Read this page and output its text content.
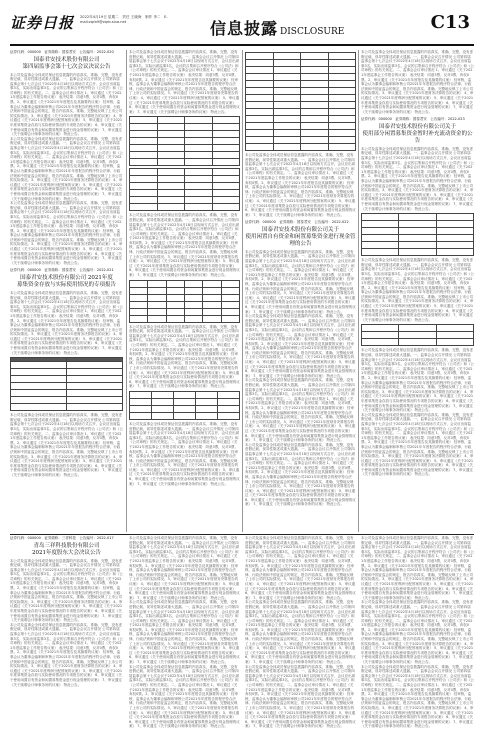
证券日报 2022年4月19日 星期二　责任 王晓海　制作 李二　E-mail:zqrb9@zqrb.sina.net	信息披露 DISCLOSURE	C13
证券代码：000000　证券简称：国泰君安　公告编号：2022-020
国泰君安技术股份有限公司
第四届监事会第十七次会议决议公告
本公司及监事会全体成员保证信息披露的内容真实、准确、完整，没有虚假记载、误导性陈述或重大遗漏。一、监事会会议召开情况 公司第四届监事会第十七次会议于2022年4月18日以现场方式召开，会议应出席监事3名，实际出席监事3名，会议的召集和召开程序符合《公司法》和《公司章程》的有关规定。二、监事会会议审议情况 1、审议通过《关于2021年度监事会工作报告的议案》 表决结果：同意3票，反对0票，弃权0票。2、审议通过《关于2021年年度报告及其摘要的议案》 经审核，监事会认为董事会编制和审核公司2021年年度报告的程序符合法律、行政法规和中国证监会的规定，报告内容真实、准确、完整地反映了上市公司的实际情况。3、审议通过《关于2021年度财务决算报告的议案》 4、审议通过《关于2021年度利润分配预案的议案》 5、审议通过《关于2021年度募集资金存放与实际使用情况的专项报告的议案》 6、审议通过《关于使用闲置自有资金和闲置募集资金进行现金管理的议案》 7、审议通过《关于续聘会计师事务所的议案》 特此公告。
本公司及监事会全体成员保证信息披露的内容真实、准确、完整，没有虚假记载、误导性陈述或重大遗漏。一、监事会会议召开情况 公司第四届监事会第十七次会议于2022年4月18日以现场方式召开，会议应出席监事3名，实际出席监事3名，会议的召集和召开程序符合《公司法》和《公司章程》的有关规定。二、监事会会议审议情况 1、审议通过《关于2021年度监事会工作报告的议案》 表决结果：同意3票，反对0票，弃权0票。2、审议通过《关于2021年年度报告及其摘要的议案》 经审核，监事会认为董事会编制和审核公司2021年年度报告的程序符合法律、行政法规和中国证监会的规定，报告内容真实、准确、完整地反映了上市公司的实际情况。3、审议通过《关于2021年度财务决算报告的议案》 4、审议通过《关于2021年度利润分配预案的议案》 5、审议通过《关于2021年度募集资金存放与实际使用情况的专项报告的议案》 6、审议通过《关于使用闲置自有资金和闲置募集资金进行现金管理的议案》 7、审议通过《关于续聘会计师事务所的议案》 特此公告。
本公司及监事会全体成员保证信息披露的内容真实、准确、完整，没有虚假记载、误导性陈述或重大遗漏。一、监事会会议召开情况 公司第四届监事会第十七次会议于2022年4月18日以现场方式召开，会议应出席监事3名，实际出席监事3名，会议的召集和召开程序符合《公司法》和《公司章程》的有关规定。二、监事会会议审议情况 1、审议通过《关于2021年度监事会工作报告的议案》 表决结果：同意3票，反对0票，弃权0票。2、审议通过《关于2021年年度报告及其摘要的议案》 经审核，监事会认为董事会编制和审核公司2021年年度报告的程序符合法律、行政法规和中国证监会的规定，报告内容真实、准确、完整地反映了上市公司的实际情况。3、审议通过《关于2021年度财务决算报告的议案》 4、审议通过《关于2021年度利润分配预案的议案》 5、审议通过《关于2021年度募集资金存放与实际使用情况的专项报告的议案》 6、审议通过《关于使用闲置自有资金和闲置募集资金进行现金管理的议案》 7、审议通过《关于续聘会计师事务所的议案》 特此公告。
证券代码：000000　证券简称：国泰君安　公告编号：2022-021
国泰君安技术股份有限公司 2021年度
募集资金存放与实际使用情况的专项报告
本公司及监事会全体成员保证信息披露的内容真实、准确、完整，没有虚假记载、误导性陈述或重大遗漏。一、监事会会议召开情况 公司第四届监事会第十七次会议于2022年4月18日以现场方式召开，会议应出席监事3名，实际出席监事3名，会议的召集和召开程序符合《公司法》和《公司章程》的有关规定。二、监事会会议审议情况 1、审议通过《关于2021年度监事会工作报告的议案》 表决结果：同意3票，反对0票，弃权0票。2、审议通过《关于2021年年度报告及其摘要的议案》 经审核，监事会认为董事会编制和审核公司2021年年度报告的程序符合法律、行政法规和中国证监会的规定，报告内容真实、准确、完整地反映了上市公司的实际情况。3、审议通过《关于2021年度财务决算报告的议案》 4、审议通过《关于2021年度利润分配预案的议案》 5、审议通过《关于2021年度募集资金存放与实际使用情况的专项报告的议案》 6、审议通过《关于使用闲置自有资金和闲置募集资金进行现金管理的议案》 7、审议通过《关于续聘会计师事务所的议案》 特此公告。

本公司及监事会全体成员保证信息披露的内容真实、准确、完整，没有虚假记载、误导性陈述或重大遗漏。一、监事会会议召开情况 公司第四届监事会第十七次会议于2022年4月18日以现场方式召开，会议应出席监事3名，实际出席监事3名，会议的召集和召开程序符合《公司法》和《公司章程》的有关规定。二、监事会会议审议情况 1、审议通过《关于2021年度监事会工作报告的议案》 表决结果：同意3票，反对0票，弃权0票。2、审议通过《关于2021年年度报告及其摘要的议案》 经审核，监事会认为董事会编制和审核公司2021年年度报告的程序符合法律、行政法规和中国证监会的规定，报告内容真实、准确、完整地反映了上市公司的实际情况。3、审议通过《关于2021年度财务决算报告的议案》 4、审议通过《关于2021年度利润分配预案的议案》 5、审议通过《关于2021年度募集资金存放与实际使用情况的专项报告的议案》 6、审议通过《关于使用闲置自有资金和闲置募集资金进行现金管理的议案》 7、审议通过《关于续聘会计师事务所的议案》 特此公告。
本公司及监事会全体成员保证信息披露的内容真实、准确、完整，没有虚假记载、误导性陈述或重大遗漏。一、监事会会议召开情况 公司第四届监事会第十七次会议于2022年4月18日以现场方式召开，会议应出席监事3名，实际出席监事3名，会议的召集和召开程序符合《公司法》和《公司章程》的有关规定。二、监事会会议审议情况 1、审议通过《关于2021年度监事会工作报告的议案》 表决结果：同意3票，反对0票，弃权0票。2、审议通过《关于2021年年度报告及其摘要的议案》 经审核，监事会认为董事会编制和审核公司2021年年度报告的程序符合法律、行政法规和中国证监会的规定，报告内容真实、准确、完整地反映了上市公司的实际情况。3、审议通过《关于2021年度财务决算报告的议案》 4、审议通过《关于2021年度利润分配预案的议案》 5、审议通过《关于2021年度募集资金存放与实际使用情况的专项报告的议案》 6、审议通过《关于使用闲置自有资金和闲置募集资金进行现金管理的议案》 7、审议通过《关于续聘会计师事务所的议案》 特此公告。

本公司及监事会全体成员保证信息披露的内容真实、准确、完整，没有虚假记载、误导性陈述或重大遗漏。一、监事会会议召开情况 公司第四届监事会第十七次会议于2022年4月18日以现场方式召开，会议应出席监事3名，实际出席监事3名，会议的召集和召开程序符合《公司法》和《公司章程》的有关规定。二、监事会会议审议情况 1、审议通过《关于2021年度监事会工作报告的议案》 表决结果：同意3票，反对0票，弃权0票。2、审议通过《关于2021年年度报告及其摘要的议案》 经审核，监事会认为董事会编制和审核公司2021年年度报告的程序符合法律、行政法规和中国证监会的规定，报告内容真实、准确、完整地反映了上市公司的实际情况。3、审议通过《关于2021年度财务决算报告的议案》 4、审议通过《关于2021年度利润分配预案的议案》 5、审议通过《关于2021年度募集资金存放与实际使用情况的专项报告的议案》 6、审议通过《关于使用闲置自有资金和闲置募集资金进行现金管理的议案》 7、审议通过《关于续聘会计师事务所的议案》 特此公告。

本公司及监事会全体成员保证信息披露的内容真实、准确、完整，没有虚假记载、误导性陈述或重大遗漏。一、监事会会议召开情况 公司第四届监事会第十七次会议于2022年4月18日以现场方式召开，会议应出席监事3名，实际出席监事3名，会议的召集和召开程序符合《公司法》和《公司章程》的有关规定。二、监事会会议审议情况 1、审议通过《关于2021年度监事会工作报告的议案》 表决结果：同意3票，反对0票，弃权0票。2、审议通过《关于2021年年度报告及其摘要的议案》 经审核，监事会认为董事会编制和审核公司2021年年度报告的程序符合法律、行政法规和中国证监会的规定，报告内容真实、准确、完整地反映了上市公司的实际情况。3、审议通过《关于2021年度财务决算报告的议案》 4、审议通过《关于2021年度利润分配预案的议案》 5、审议通过《关于2021年度募集资金存放与实际使用情况的专项报告的议案》 6、审议通过《关于使用闲置自有资金和闲置募集资金进行现金管理的议案》 7、审议通过《关于续聘会计师事务所的议案》 特此公告。

本公司及监事会全体成员保证信息披露的内容真实、准确、完整，没有虚假记载、误导性陈述或重大遗漏。一、监事会会议召开情况 公司第四届监事会第十七次会议于2022年4月18日以现场方式召开，会议应出席监事3名，实际出席监事3名，会议的召集和召开程序符合《公司法》和《公司章程》的有关规定。二、监事会会议审议情况 1、审议通过《关于2021年度监事会工作报告的议案》 表决结果：同意3票，反对0票，弃权0票。2、审议通过《关于2021年年度报告及其摘要的议案》 经审核，监事会认为董事会编制和审核公司2021年年度报告的程序符合法律、行政法规和中国证监会的规定，报告内容真实、准确、完整地反映了上市公司的实际情况。3、审议通过《关于2021年度财务决算报告的议案》 4、审议通过《关于2021年度利润分配预案的议案》 5、审议通过《关于2021年度募集资金存放与实际使用情况的专项报告的议案》 6、审议通过《关于使用闲置自有资金和闲置募集资金进行现金管理的议案》 7、审议通过《关于续聘会计师事务所的议案》 特此公告。

本公司及监事会全体成员保证信息披露的内容真实、准确、完整，没有虚假记载、误导性陈述或重大遗漏。一、监事会会议召开情况 公司第四届监事会第十七次会议于2022年4月18日以现场方式召开，会议应出席监事3名，实际出席监事3名，会议的召集和召开程序符合《公司法》和《公司章程》的有关规定。二、监事会会议审议情况 1、审议通过《关于2021年度监事会工作报告的议案》 表决结果：同意3票，反对0票，弃权0票。2、审议通过《关于2021年年度报告及其摘要的议案》 经审核，监事会认为董事会编制和审核公司2021年年度报告的程序符合法律、行政法规和中国证监会的规定，报告内容真实、准确、完整地反映了上市公司的实际情况。3、审议通过《关于2021年度财务决算报告的议案》 4、审议通过《关于2021年度利润分配预案的议案》 5、审议通过《关于2021年度募集资金存放与实际使用情况的专项报告的议案》 6、审议通过《关于使用闲置自有资金和闲置募集资金进行现金管理的议案》 7、审议通过《关于续聘会计师事务所的议案》 特此公告。
证券代码：000000　证券简称：国泰君安　公告编号：2022-022
国泰君安技术股份有限公司关于
使用闲置自有资金和闲置募集资金进行现金管理的公告
本公司及监事会全体成员保证信息披露的内容真实、准确、完整，没有虚假记载、误导性陈述或重大遗漏。一、监事会会议召开情况 公司第四届监事会第十七次会议于2022年4月18日以现场方式召开，会议应出席监事3名，实际出席监事3名，会议的召集和召开程序符合《公司法》和《公司章程》的有关规定。二、监事会会议审议情况 1、审议通过《关于2021年度监事会工作报告的议案》 表决结果：同意3票，反对0票，弃权0票。2、审议通过《关于2021年年度报告及其摘要的议案》 经审核，监事会认为董事会编制和审核公司2021年年度报告的程序符合法律、行政法规和中国证监会的规定，报告内容真实、准确、完整地反映了上市公司的实际情况。3、审议通过《关于2021年度财务决算报告的议案》 4、审议通过《关于2021年度利润分配预案的议案》 5、审议通过《关于2021年度募集资金存放与实际使用情况的专项报告的议案》 6、审议通过《关于使用闲置自有资金和闲置募集资金进行现金管理的议案》 7、审议通过《关于续聘会计师事务所的议案》 特此公告。
本公司及监事会全体成员保证信息披露的内容真实、准确、完整，没有虚假记载、误导性陈述或重大遗漏。一、监事会会议召开情况 公司第四届监事会第十七次会议于2022年4月18日以现场方式召开，会议应出席监事3名，实际出席监事3名，会议的召集和召开程序符合《公司法》和《公司章程》的有关规定。二、监事会会议审议情况 1、审议通过《关于2021年度监事会工作报告的议案》 表决结果：同意3票，反对0票，弃权0票。2、审议通过《关于2021年年度报告及其摘要的议案》 经审核，监事会认为董事会编制和审核公司2021年年度报告的程序符合法律、行政法规和中国证监会的规定，报告内容真实、准确、完整地反映了上市公司的实际情况。3、审议通过《关于2021年度财务决算报告的议案》 4、审议通过《关于2021年度利润分配预案的议案》 5、审议通过《关于2021年度募集资金存放与实际使用情况的专项报告的议案》 6、审议通过《关于使用闲置自有资金和闲置募集资金进行现金管理的议案》 7、审议通过《关于续聘会计师事务所的议案》 特此公告。
本公司及监事会全体成员保证信息披露的内容真实、准确、完整，没有虚假记载、误导性陈述或重大遗漏。一、监事会会议召开情况 公司第四届监事会第十七次会议于2022年4月18日以现场方式召开，会议应出席监事3名，实际出席监事3名，会议的召集和召开程序符合《公司法》和《公司章程》的有关规定。二、监事会会议审议情况 1、审议通过《关于2021年度监事会工作报告的议案》 表决结果：同意3票，反对0票，弃权0票。2、审议通过《关于2021年年度报告及其摘要的议案》 经审核，监事会认为董事会编制和审核公司2021年年度报告的程序符合法律、行政法规和中国证监会的规定，报告内容真实、准确、完整地反映了上市公司的实际情况。3、审议通过《关于2021年度财务决算报告的议案》 4、审议通过《关于2021年度利润分配预案的议案》 5、审议通过《关于2021年度募集资金存放与实际使用情况的专项报告的议案》 6、审议通过《关于使用闲置自有资金和闲置募集资金进行现金管理的议案》 7、审议通过《关于续聘会计师事务所的议案》 特此公告。
本公司及监事会全体成员保证信息披露的内容真实、准确、完整，没有虚假记载、误导性陈述或重大遗漏。一、监事会会议召开情况 公司第四届监事会第十七次会议于2022年4月18日以现场方式召开，会议应出席监事3名，实际出席监事3名，会议的召集和召开程序符合《公司法》和《公司章程》的有关规定。二、监事会会议审议情况 1、审议通过《关于2021年度监事会工作报告的议案》 表决结果：同意3票，反对0票，弃权0票。2、审议通过《关于2021年年度报告及其摘要的议案》 经审核，监事会认为董事会编制和审核公司2021年年度报告的程序符合法律、行政法规和中国证监会的规定，报告内容真实、准确、完整地反映了上市公司的实际情况。3、审议通过《关于2021年度财务决算报告的议案》 4、审议通过《关于2021年度利润分配预案的议案》 5、审议通过《关于2021年度募集资金存放与实际使用情况的专项报告的议案》 6、审议通过《关于使用闲置自有资金和闲置募集资金进行现金管理的议案》 7、审议通过《关于续聘会计师事务所的议案》 特此公告。
本公司及监事会全体成员保证信息披露的内容真实、准确、完整，没有虚假记载、误导性陈述或重大遗漏。一、监事会会议召开情况 公司第四届监事会第十七次会议于2022年4月18日以现场方式召开，会议应出席监事3名，实际出席监事3名，会议的召集和召开程序符合《公司法》和《公司章程》的有关规定。二、监事会会议审议情况 1、审议通过《关于2021年度监事会工作报告的议案》 表决结果：同意3票，反对0票，弃权0票。2、审议通过《关于2021年年度报告及其摘要的议案》 经审核，监事会认为董事会编制和审核公司2021年年度报告的程序符合法律、行政法规和中国证监会的规定，报告内容真实、准确、完整地反映了上市公司的实际情况。3、审议通过《关于2021年度财务决算报告的议案》 4、审议通过《关于2021年度利润分配预案的议案》 5、审议通过《关于2021年度募集资金存放与实际使用情况的专项报告的议案》 6、审议通过《关于使用闲置自有资金和闲置募集资金进行现金管理的议案》 7、审议通过《关于续聘会计师事务所的议案》 特此公告。
证券代码：000000　证券简称：国泰君安　公告编号：2022-023
国泰君安技术股份有限公司关于
使用部分闲置募集资金暂时补充流动资金的公告
本公司及监事会全体成员保证信息披露的内容真实、准确、完整，没有虚假记载、误导性陈述或重大遗漏。一、监事会会议召开情况 公司第四届监事会第十七次会议于2022年4月18日以现场方式召开，会议应出席监事3名，实际出席监事3名，会议的召集和召开程序符合《公司法》和《公司章程》的有关规定。二、监事会会议审议情况 1、审议通过《关于2021年度监事会工作报告的议案》 表决结果：同意3票，反对0票，弃权0票。2、审议通过《关于2021年年度报告及其摘要的议案》 经审核，监事会认为董事会编制和审核公司2021年年度报告的程序符合法律、行政法规和中国证监会的规定，报告内容真实、准确、完整地反映了上市公司的实际情况。3、审议通过《关于2021年度财务决算报告的议案》 4、审议通过《关于2021年度利润分配预案的议案》 5、审议通过《关于2021年度募集资金存放与实际使用情况的专项报告的议案》 6、审议通过《关于使用闲置自有资金和闲置募集资金进行现金管理的议案》 7、审议通过《关于续聘会计师事务所的议案》 特此公告。

本公司及监事会全体成员保证信息披露的内容真实、准确、完整，没有虚假记载、误导性陈述或重大遗漏。一、监事会会议召开情况 公司第四届监事会第十七次会议于2022年4月18日以现场方式召开，会议应出席监事3名，实际出席监事3名，会议的召集和召开程序符合《公司法》和《公司章程》的有关规定。二、监事会会议审议情况 1、审议通过《关于2021年度监事会工作报告的议案》 表决结果：同意3票，反对0票，弃权0票。2、审议通过《关于2021年年度报告及其摘要的议案》 经审核，监事会认为董事会编制和审核公司2021年年度报告的程序符合法律、行政法规和中国证监会的规定，报告内容真实、准确、完整地反映了上市公司的实际情况。3、审议通过《关于2021年度财务决算报告的议案》 4、审议通过《关于2021年度利润分配预案的议案》 5、审议通过《关于2021年度募集资金存放与实际使用情况的专项报告的议案》 6、审议通过《关于使用闲置自有资金和闲置募集资金进行现金管理的议案》 7、审议通过《关于续聘会计师事务所的议案》 特此公告。

本公司及监事会全体成员保证信息披露的内容真实、准确、完整，没有虚假记载、误导性陈述或重大遗漏。一、监事会会议召开情况 公司第四届监事会第十七次会议于2022年4月18日以现场方式召开，会议应出席监事3名，实际出席监事3名，会议的召集和召开程序符合《公司法》和《公司章程》的有关规定。二、监事会会议审议情况 1、审议通过《关于2021年度监事会工作报告的议案》 表决结果：同意3票，反对0票，弃权0票。2、审议通过《关于2021年年度报告及其摘要的议案》 经审核，监事会认为董事会编制和审核公司2021年年度报告的程序符合法律、行政法规和中国证监会的规定，报告内容真实、准确、完整地反映了上市公司的实际情况。3、审议通过《关于2021年度财务决算报告的议案》 4、审议通过《关于2021年度利润分配预案的议案》 5、审议通过《关于2021年度募集资金存放与实际使用情况的专项报告的议案》 6、审议通过《关于使用闲置自有资金和闲置募集资金进行现金管理的议案》 7、审议通过《关于续聘会计师事务所的议案》 特此公告。
本公司及监事会全体成员保证信息披露的内容真实、准确、完整，没有虚假记载、误导性陈述或重大遗漏。一、监事会会议召开情况 公司第四届监事会第十七次会议于2022年4月18日以现场方式召开，会议应出席监事3名，实际出席监事3名，会议的召集和召开程序符合《公司法》和《公司章程》的有关规定。二、监事会会议审议情况 1、审议通过《关于2021年度监事会工作报告的议案》 表决结果：同意3票，反对0票，弃权0票。2、审议通过《关于2021年年度报告及其摘要的议案》 经审核，监事会认为董事会编制和审核公司2021年年度报告的程序符合法律、行政法规和中国证监会的规定，报告内容真实、准确、完整地反映了上市公司的实际情况。3、审议通过《关于2021年度财务决算报告的议案》 4、审议通过《关于2021年度利润分配预案的议案》 5、审议通过《关于2021年度募集资金存放与实际使用情况的专项报告的议案》 6、审议通过《关于使用闲置自有资金和闲置募集资金进行现金管理的议案》 7、审议通过《关于续聘会计师事务所的议案》 特此公告。
证券代码：000000　证券简称：三祥科技　公告编号：2022-017
青岛三祥科技股份有限公司
2021年度股东大会决议公告
本公司及监事会全体成员保证信息披露的内容真实、准确、完整，没有虚假记载、误导性陈述或重大遗漏。一、监事会会议召开情况 公司第四届监事会第十七次会议于2022年4月18日以现场方式召开，会议应出席监事3名，实际出席监事3名，会议的召集和召开程序符合《公司法》和《公司章程》的有关规定。二、监事会会议审议情况 1、审议通过《关于2021年度监事会工作报告的议案》 表决结果：同意3票，反对0票，弃权0票。2、审议通过《关于2021年年度报告及其摘要的议案》 经审核，监事会认为董事会编制和审核公司2021年年度报告的程序符合法律、行政法规和中国证监会的规定，报告内容真实、准确、完整地反映了上市公司的实际情况。3、审议通过《关于2021年度财务决算报告的议案》 4、审议通过《关于2021年度利润分配预案的议案》 5、审议通过《关于2021年度募集资金存放与实际使用情况的专项报告的议案》 6、审议通过《关于使用闲置自有资金和闲置募集资金进行现金管理的议案》 7、审议通过《关于续聘会计师事务所的议案》 特此公告。
本公司及监事会全体成员保证信息披露的内容真实、准确、完整，没有虚假记载、误导性陈述或重大遗漏。一、监事会会议召开情况 公司第四届监事会第十七次会议于2022年4月18日以现场方式召开，会议应出席监事3名，实际出席监事3名，会议的召集和召开程序符合《公司法》和《公司章程》的有关规定。二、监事会会议审议情况 1、审议通过《关于2021年度监事会工作报告的议案》 表决结果：同意3票，反对0票，弃权0票。2、审议通过《关于2021年年度报告及其摘要的议案》 经审核，监事会认为董事会编制和审核公司2021年年度报告的程序符合法律、行政法规和中国证监会的规定，报告内容真实、准确、完整地反映了上市公司的实际情况。3、审议通过《关于2021年度财务决算报告的议案》 4、审议通过《关于2021年度利润分配预案的议案》 5、审议通过《关于2021年度募集资金存放与实际使用情况的专项报告的议案》 6、审议通过《关于使用闲置自有资金和闲置募集资金进行现金管理的议案》 7、审议通过《关于续聘会计师事务所的议案》 特此公告。
本公司及监事会全体成员保证信息披露的内容真实、准确、完整，没有虚假记载、误导性陈述或重大遗漏。一、监事会会议召开情况 公司第四届监事会第十七次会议于2022年4月18日以现场方式召开，会议应出席监事3名，实际出席监事3名，会议的召集和召开程序符合《公司法》和《公司章程》的有关规定。二、监事会会议审议情况 1、审议通过《关于2021年度监事会工作报告的议案》 表决结果：同意3票，反对0票，弃权0票。2、审议通过《关于2021年年度报告及其摘要的议案》 经审核，监事会认为董事会编制和审核公司2021年年度报告的程序符合法律、行政法规和中国证监会的规定，报告内容真实、准确、完整地反映了上市公司的实际情况。3、审议通过《关于2021年度财务决算报告的议案》 4、审议通过《关于2021年度利润分配预案的议案》 5、审议通过《关于2021年度募集资金存放与实际使用情况的专项报告的议案》 6、审议通过《关于使用闲置自有资金和闲置募集资金进行现金管理的议案》 7、审议通过《关于续聘会计师事务所的议案》 特此公告。
本公司及监事会全体成员保证信息披露的内容真实、准确、完整，没有虚假记载、误导性陈述或重大遗漏。一、监事会会议召开情况 公司第四届监事会第十七次会议于2022年4月18日以现场方式召开，会议应出席监事3名，实际出席监事3名，会议的召集和召开程序符合《公司法》和《公司章程》的有关规定。二、监事会会议审议情况 1、审议通过《关于2021年度监事会工作报告的议案》 表决结果：同意3票，反对0票，弃权0票。2、审议通过《关于2021年年度报告及其摘要的议案》 经审核，监事会认为董事会编制和审核公司2021年年度报告的程序符合法律、行政法规和中国证监会的规定，报告内容真实、准确、完整地反映了上市公司的实际情况。3、审议通过《关于2021年度财务决算报告的议案》 4、审议通过《关于2021年度利润分配预案的议案》 5、审议通过《关于2021年度募集资金存放与实际使用情况的专项报告的议案》 6、审议通过《关于使用闲置自有资金和闲置募集资金进行现金管理的议案》 7、审议通过《关于续聘会计师事务所的议案》 特此公告。
本公司及监事会全体成员保证信息披露的内容真实、准确、完整，没有虚假记载、误导性陈述或重大遗漏。一、监事会会议召开情况 公司第四届监事会第十七次会议于2022年4月18日以现场方式召开，会议应出席监事3名，实际出席监事3名，会议的召集和召开程序符合《公司法》和《公司章程》的有关规定。二、监事会会议审议情况 1、审议通过《关于2021年度监事会工作报告的议案》 表决结果：同意3票，反对0票，弃权0票。2、审议通过《关于2021年年度报告及其摘要的议案》 经审核，监事会认为董事会编制和审核公司2021年年度报告的程序符合法律、行政法规和中国证监会的规定，报告内容真实、准确、完整地反映了上市公司的实际情况。3、审议通过《关于2021年度财务决算报告的议案》 4、审议通过《关于2021年度利润分配预案的议案》 5、审议通过《关于2021年度募集资金存放与实际使用情况的专项报告的议案》 6、审议通过《关于使用闲置自有资金和闲置募集资金进行现金管理的议案》 7、审议通过《关于续聘会计师事务所的议案》 特此公告。
本公司及监事会全体成员保证信息披露的内容真实、准确、完整，没有虚假记载、误导性陈述或重大遗漏。一、监事会会议召开情况 公司第四届监事会第十七次会议于2022年4月18日以现场方式召开，会议应出席监事3名，实际出席监事3名，会议的召集和召开程序符合《公司法》和《公司章程》的有关规定。二、监事会会议审议情况 1、审议通过《关于2021年度监事会工作报告的议案》 表决结果：同意3票，反对0票，弃权0票。2、审议通过《关于2021年年度报告及其摘要的议案》 经审核，监事会认为董事会编制和审核公司2021年年度报告的程序符合法律、行政法规和中国证监会的规定，报告内容真实、准确、完整地反映了上市公司的实际情况。3、审议通过《关于2021年度财务决算报告的议案》 4、审议通过《关于2021年度利润分配预案的议案》 5、审议通过《关于2021年度募集资金存放与实际使用情况的专项报告的议案》 6、审议通过《关于使用闲置自有资金和闲置募集资金进行现金管理的议案》 7、审议通过《关于续聘会计师事务所的议案》 特此公告。
本公司及监事会全体成员保证信息披露的内容真实、准确、完整，没有虚假记载、误导性陈述或重大遗漏。一、监事会会议召开情况 公司第四届监事会第十七次会议于2022年4月18日以现场方式召开，会议应出席监事3名，实际出席监事3名，会议的召集和召开程序符合《公司法》和《公司章程》的有关规定。二、监事会会议审议情况 1、审议通过《关于2021年度监事会工作报告的议案》 表决结果：同意3票，反对0票，弃权0票。2、审议通过《关于2021年年度报告及其摘要的议案》 经审核，监事会认为董事会编制和审核公司2021年年度报告的程序符合法律、行政法规和中国证监会的规定，报告内容真实、准确、完整地反映了上市公司的实际情况。3、审议通过《关于2021年度财务决算报告的议案》 4、审议通过《关于2021年度利润分配预案的议案》 5、审议通过《关于2021年度募集资金存放与实际使用情况的专项报告的议案》 6、审议通过《关于使用闲置自有资金和闲置募集资金进行现金管理的议案》 7、审议通过《关于续聘会计师事务所的议案》 特此公告。
本公司及监事会全体成员保证信息披露的内容真实、准确、完整，没有虚假记载、误导性陈述或重大遗漏。一、监事会会议召开情况 公司第四届监事会第十七次会议于2022年4月18日以现场方式召开，会议应出席监事3名，实际出席监事3名，会议的召集和召开程序符合《公司法》和《公司章程》的有关规定。二、监事会会议审议情况 1、审议通过《关于2021年度监事会工作报告的议案》 表决结果：同意3票，反对0票，弃权0票。2、审议通过《关于2021年年度报告及其摘要的议案》 经审核，监事会认为董事会编制和审核公司2021年年度报告的程序符合法律、行政法规和中国证监会的规定，报告内容真实、准确、完整地反映了上市公司的实际情况。3、审议通过《关于2021年度财务决算报告的议案》 4、审议通过《关于2021年度利润分配预案的议案》 5、审议通过《关于2021年度募集资金存放与实际使用情况的专项报告的议案》 6、审议通过《关于使用闲置自有资金和闲置募集资金进行现金管理的议案》 7、审议通过《关于续聘会计师事务所的议案》 特此公告。
本公司及监事会全体成员保证信息披露的内容真实、准确、完整，没有虚假记载、误导性陈述或重大遗漏。一、监事会会议召开情况 公司第四届监事会第十七次会议于2022年4月18日以现场方式召开，会议应出席监事3名，实际出席监事3名，会议的召集和召开程序符合《公司法》和《公司章程》的有关规定。二、监事会会议审议情况 1、审议通过《关于2021年度监事会工作报告的议案》 表决结果：同意3票，反对0票，弃权0票。2、审议通过《关于2021年年度报告及其摘要的议案》 经审核，监事会认为董事会编制和审核公司2021年年度报告的程序符合法律、行政法规和中国证监会的规定，报告内容真实、准确、完整地反映了上市公司的实际情况。3、审议通过《关于2021年度财务决算报告的议案》 4、审议通过《关于2021年度利润分配预案的议案》 5、审议通过《关于2021年度募集资金存放与实际使用情况的专项报告的议案》 6、审议通过《关于使用闲置自有资金和闲置募集资金进行现金管理的议案》 7、审议通过《关于续聘会计师事务所的议案》 特此公告。
本公司及监事会全体成员保证信息披露的内容真实、准确、完整，没有虚假记载、误导性陈述或重大遗漏。一、监事会会议召开情况 公司第四届监事会第十七次会议于2022年4月18日以现场方式召开，会议应出席监事3名，实际出席监事3名，会议的召集和召开程序符合《公司法》和《公司章程》的有关规定。二、监事会会议审议情况 1、审议通过《关于2021年度监事会工作报告的议案》 表决结果：同意3票，反对0票，弃权0票。2、审议通过《关于2021年年度报告及其摘要的议案》 经审核，监事会认为董事会编制和审核公司2021年年度报告的程序符合法律、行政法规和中国证监会的规定，报告内容真实、准确、完整地反映了上市公司的实际情况。3、审议通过《关于2021年度财务决算报告的议案》 4、审议通过《关于2021年度利润分配预案的议案》 5、审议通过《关于2021年度募集资金存放与实际使用情况的专项报告的议案》 6、审议通过《关于使用闲置自有资金和闲置募集资金进行现金管理的议案》 7、审议通过《关于续聘会计师事务所的议案》 特此公告。
本公司及监事会全体成员保证信息披露的内容真实、准确、完整，没有虚假记载、误导性陈述或重大遗漏。一、监事会会议召开情况 公司第四届监事会第十七次会议于2022年4月18日以现场方式召开，会议应出席监事3名，实际出席监事3名，会议的召集和召开程序符合《公司法》和《公司章程》的有关规定。二、监事会会议审议情况 1、审议通过《关于2021年度监事会工作报告的议案》 表决结果：同意3票，反对0票，弃权0票。2、审议通过《关于2021年年度报告及其摘要的议案》 经审核，监事会认为董事会编制和审核公司2021年年度报告的程序符合法律、行政法规和中国证监会的规定，报告内容真实、准确、完整地反映了上市公司的实际情况。3、审议通过《关于2021年度财务决算报告的议案》 4、审议通过《关于2021年度利润分配预案的议案》 5、审议通过《关于2021年度募集资金存放与实际使用情况的专项报告的议案》 6、审议通过《关于使用闲置自有资金和闲置募集资金进行现金管理的议案》 7、审议通过《关于续聘会计师事务所的议案》 特此公告。
